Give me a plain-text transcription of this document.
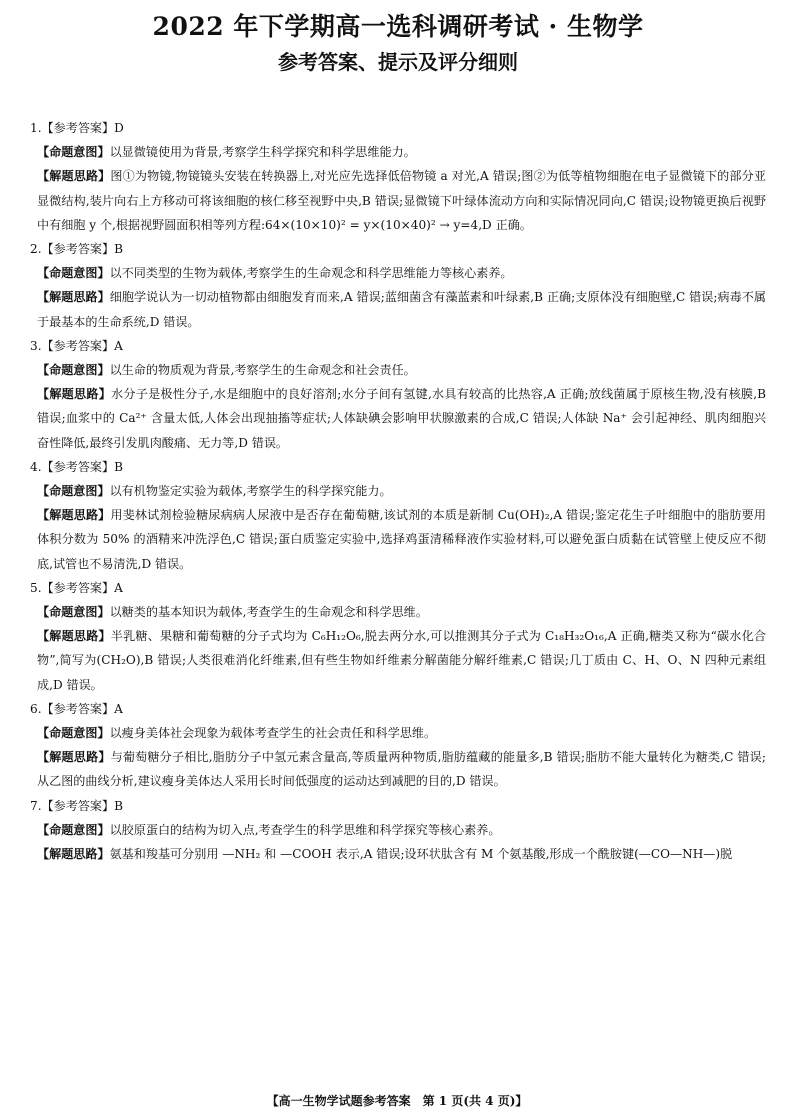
2022 年下学期高一选科调研考试 · 生物学
参考答案、提示及评分细则

1.【参考答案】D

【命题意图】以显微镜使用为背景,考察学生科学探究和科学思维能力。

【解题思路】图①为物镜,物镜镜头安装在转换器上,对光应先选择低倍物镜 a 对光,A 错误;图②为低等植物细胞在电子显微镜下的部分亚显微结构,装片向右上方移动可将该细胞的核仁移至视野中央,B 错误;显微镜下叶绿体流动方向和实际情况同向,C 错误;设物镜更换后视野中有细胞 y 个,根据视野圆面积相等列方程:64×(10×10)² = y×(10×40)² → y=4,D 正确。

2.【参考答案】B

【命题意图】以不同类型的生物为载体,考察学生的生命观念和科学思维能力等核心素养。

【解题思路】细胞学说认为一切动植物都由细胞发育而来,A 错误;蓝细菌含有藻蓝素和叶绿素,B 正确;支原体没有细胞壁,C 错误;病毒不属于最基本的生命系统,D 错误。

3.【参考答案】A

【命题意图】以生命的物质观为背景,考察学生的生命观念和社会责任。

【解题思路】水分子是极性分子,水是细胞中的良好溶剂;水分子间有氢键,水具有较高的比热容,A 正确;放线菌属于原核生物,没有核膜,B 错误;血浆中的 Ca²⁺ 含量太低,人体会出现抽搐等症状;人体缺碘会影响甲状腺激素的合成,C 错误;人体缺 Na⁺ 会引起神经、肌肉细胞兴奋性降低,最终引发肌肉酸痛、无力等,D 错误。

4.【参考答案】B

【命题意图】以有机物鉴定实验为载体,考察学生的科学探究能力。

【解题思路】用斐林试剂检验糖尿病病人尿液中是否存在葡萄糖,该试剂的本质是新制 Cu(OH)₂,A 错误;鉴定花生子叶细胞中的脂肪要用体积分数为 50% 的酒精来冲洗浮色,C 错误;蛋白质鉴定实验中,选择鸡蛋清稀释液作实验材料,可以避免蛋白质黏在试管壁上使反应不彻底,试管也不易清洗,D 错误。

5.【参考答案】A

【命题意图】以糖类的基本知识为载体,考查学生的生命观念和科学思维。

【解题思路】半乳糖、果糖和葡萄糖的分子式均为 C₆H₁₂O₆,脱去两分水,可以推测其分子式为 C₁₈H₃₂O₁₆,A 正确,糖类又称为“碳水化合物”,简写为(CH₂O),B 错误;人类很难消化纤维素,但有些生物如纤维素分解菌能分解纤维素,C 错误;几丁质由 C、H、O、N 四种元素组成,D 错误。

6.【参考答案】A

【命题意图】以瘦身美体社会现象为载体考查学生的社会责任和科学思维。

【解题思路】与葡萄糖分子相比,脂肪分子中氢元素含量高,等质量两种物质,脂肪蕴藏的能量多,B 错误;脂肪不能大量转化为糖类,C 错误;从乙图的曲线分析,建议瘦身美体达人采用长时间低强度的运动达到减肥的目的,D 错误。

7.【参考答案】B

【命题意图】以胶原蛋白的结构为切入点,考查学生的科学思维和科学探究等核心素养。

【解题思路】氨基和羧基可分别用 —NH₂ 和 —COOH 表示,A 错误;设环状肽含有 M 个氨基酸,形成一个酰胺键(—CO—NH—)脱

【高一生物学试题参考答案　第 1 页(共 4 页)】
